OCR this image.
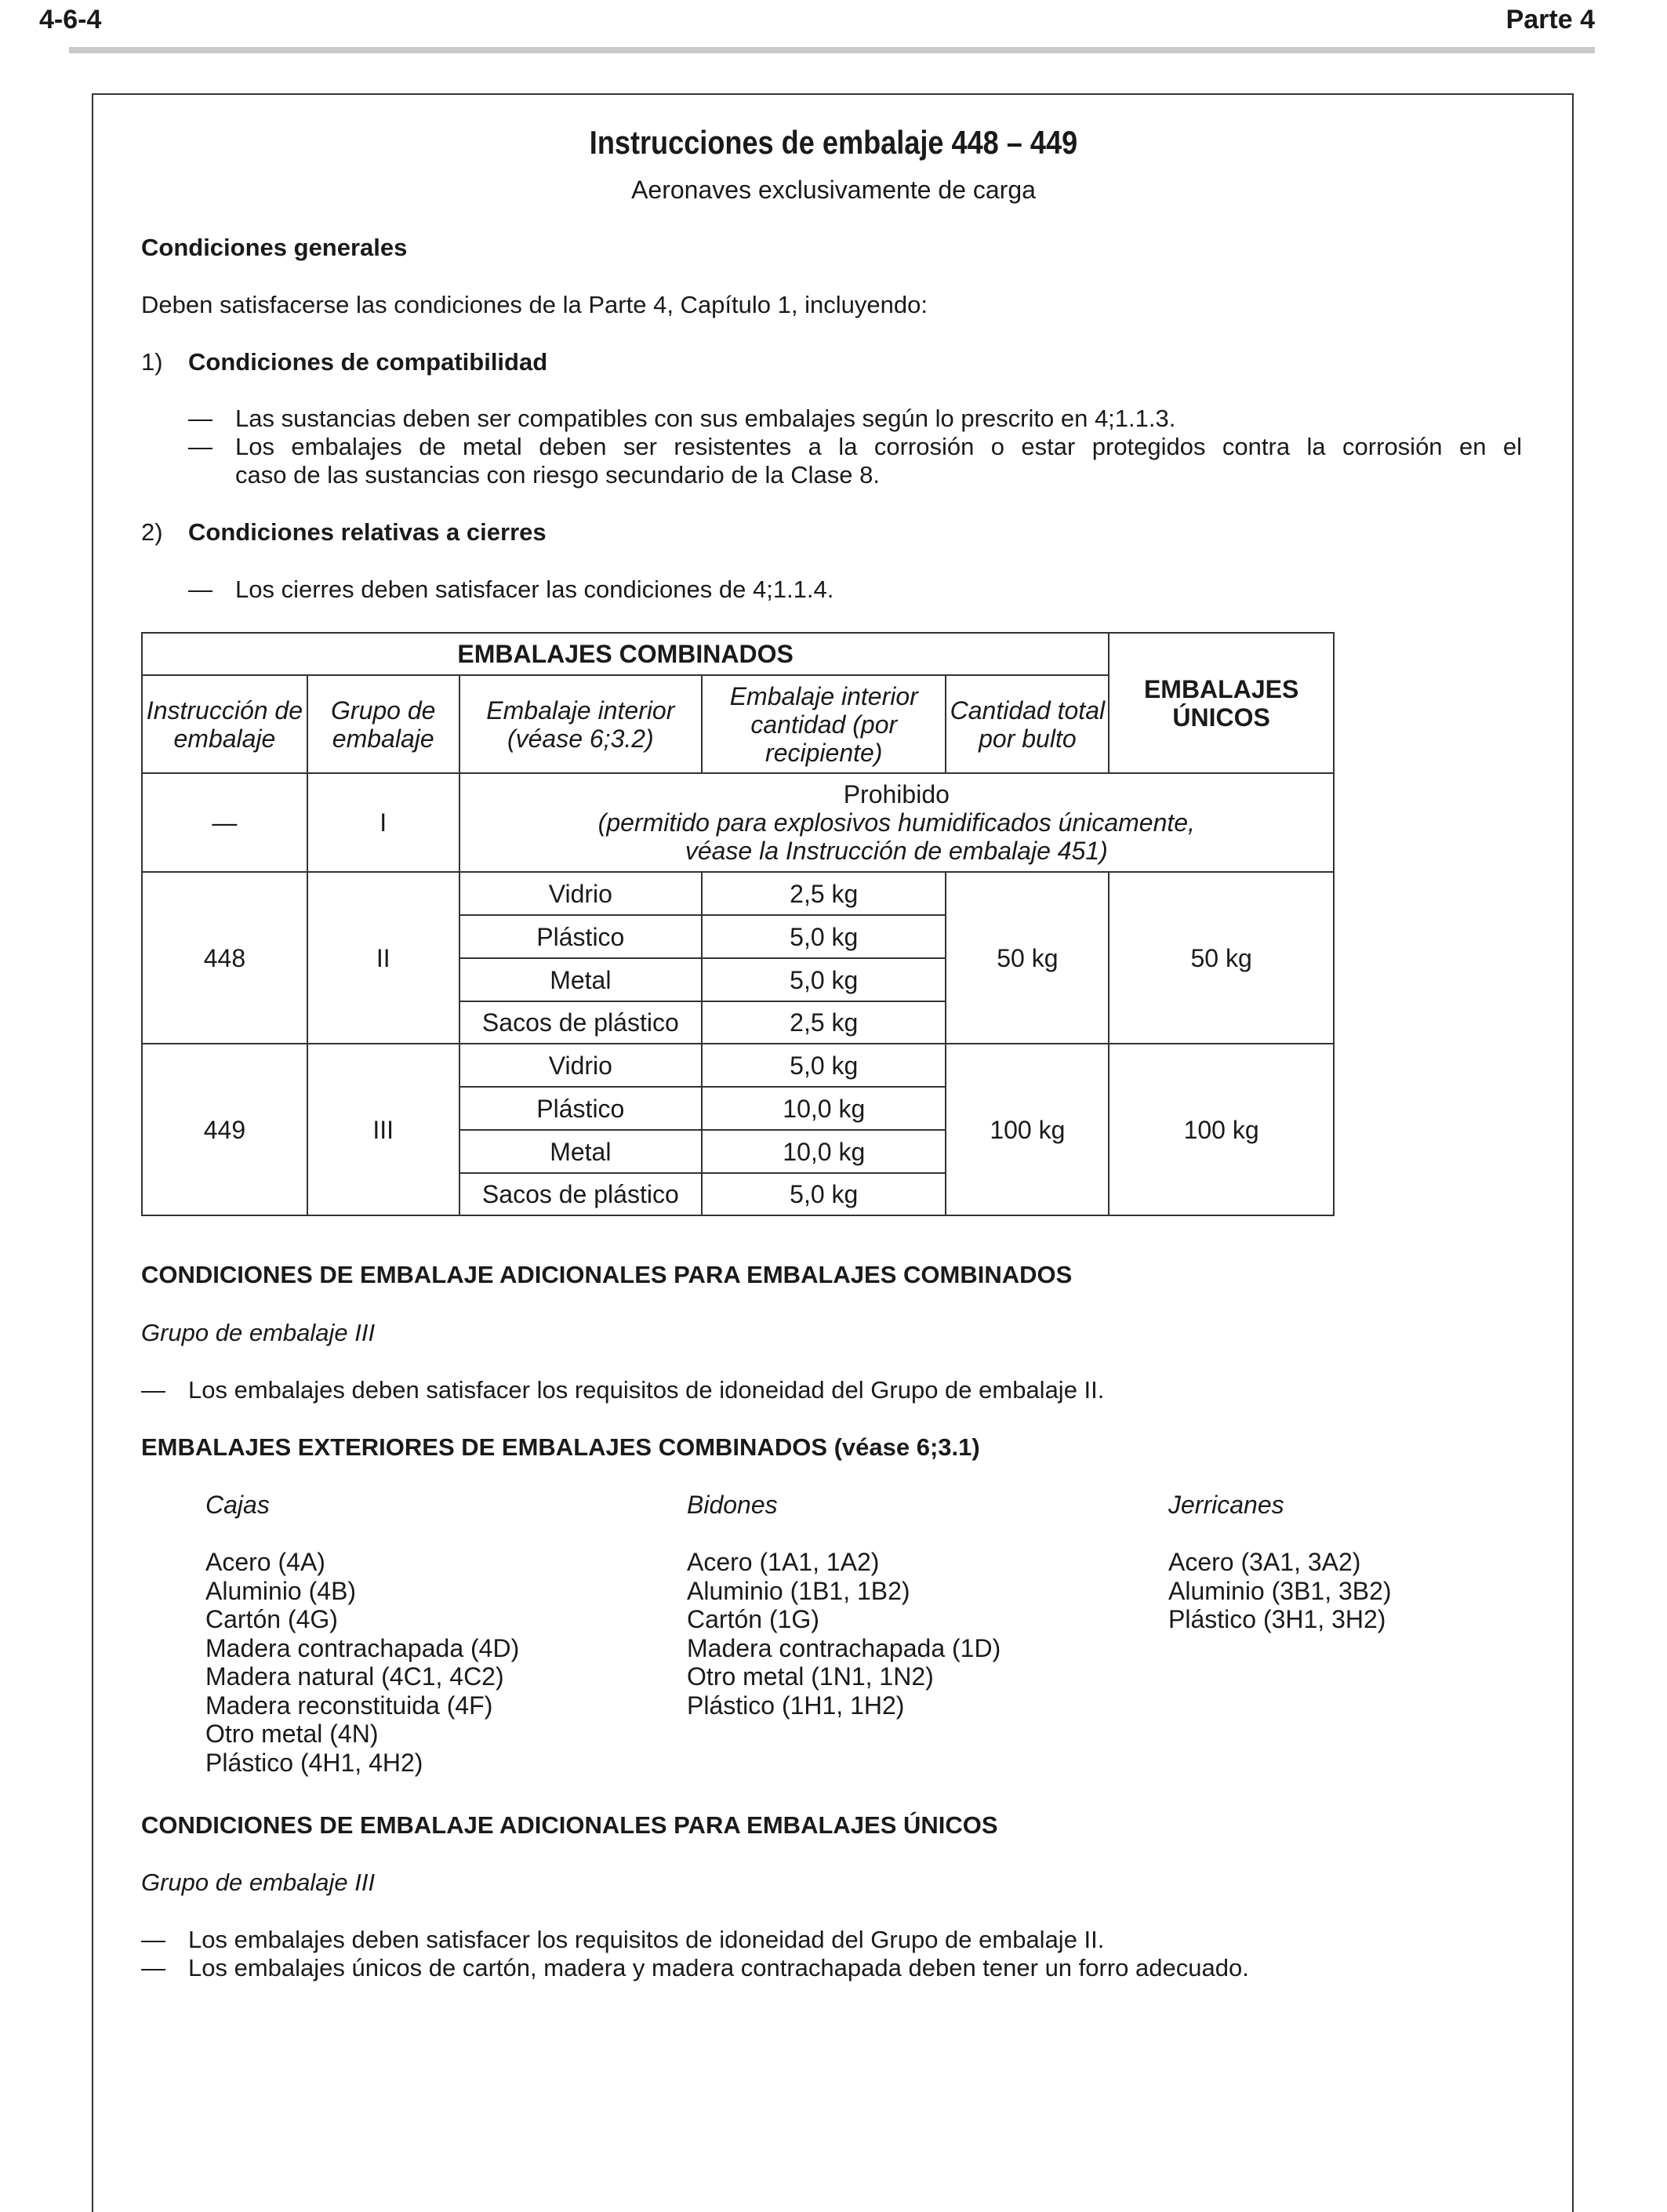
4-6-4	Parte 4
Instrucciones de embalaje 448 – 449
Aeronaves exclusivamente de carga
Condiciones generales
Deben satisfacerse las condiciones de la Parte 4, Capítulo 1, incluyendo:
1) Condiciones de compatibilidad
— Las sustancias deben ser compatibles con sus embalajes según lo prescrito en 4;1.1.3.
— Los embalajes de metal deben ser resistentes a la corrosión o estar protegidos contra la corrosión en el
caso de las sustancias con riesgo secundario de la Clase 8.
2) Condiciones relativas a cierres
— Los cierres deben satisfacer las condiciones de 4;1.1.4.
EMBALAJES COMBINADOS					EMBALAJES ÚNICOS
Instrucción de embalaje	Grupo de embalaje	Embalaje interior (véase 6;3.2)	Embalaje interior cantidad (por recipiente)	Cantidad total por bulto	
—	I	Prohibido
(permitido para explosivos humidificados únicamente,
véase la Instrucción de embalaje 451)			

448	II	Vidrio	2,5 kg	50 kg	50 kg
		Plástico	5,0 kg		
		Metal	5,0 kg		
		Sacos de plástico	2,5 kg		
449	III	Vidrio	5,0 kg	100 kg	100 kg
		Plástico	10,0 kg		
		Metal	10,0 kg		
		Sacos de plástico	5,0 kg		
CONDICIONES DE EMBALAJE ADICIONALES PARA EMBALAJES COMBINADOS
Grupo de embalaje III
— Los embalajes deben satisfacer los requisitos de idoneidad del Grupo de embalaje II.
EMBALAJES EXTERIORES DE EMBALAJES COMBINADOS (véase 6;3.1)
Cajas
Acero (4A)
Aluminio (4B)
Cartón (4G)
Madera contrachapada (4D)
Madera natural (4C1, 4C2)
Madera reconstituida (4F)
Otro metal (4N)
Plástico (4H1, 4H2)
Bidones
Acero (1A1, 1A2)
Aluminio (1B1, 1B2)
Cartón (1G)
Madera contrachapada (1D)
Otro metal (1N1, 1N2)
Plástico (1H1, 1H2)
Jerricanes
Acero (3A1, 3A2)
Aluminio (3B1, 3B2)
Plástico (3H1, 3H2)
CONDICIONES DE EMBALAJE ADICIONALES PARA EMBALAJES ÚNICOS
Grupo de embalaje III
— Los embalajes deben satisfacer los requisitos de idoneidad del Grupo de embalaje II.
— Los embalajes únicos de cartón, madera y madera contrachapada deben tener un forro adecuado.
